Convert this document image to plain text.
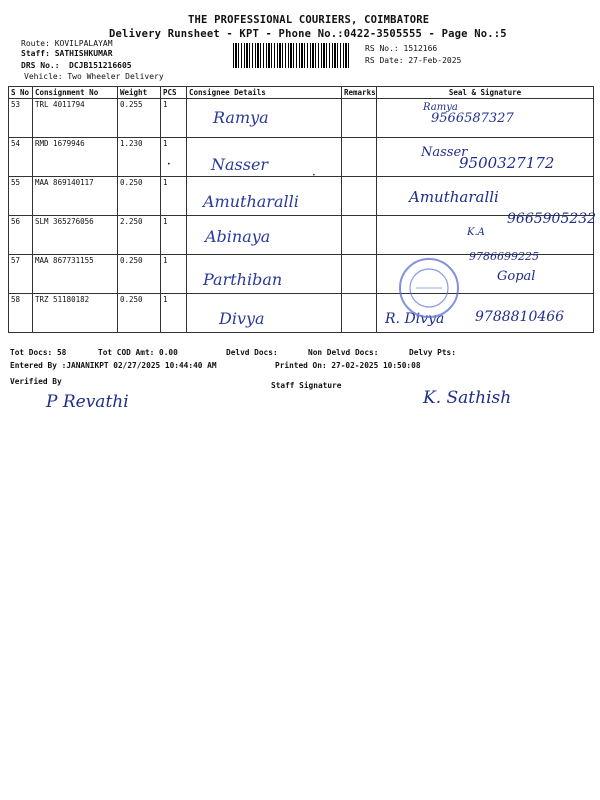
THE PROFESSIONAL COURIERS, COIMBATORE
Delivery Runsheet - KPT - Phone No.:0422-3505555 - Page No.:5
Route: KOVILPALAYAM
Staff: SATHISHKUMAR
DRS No.: DCJB151216605
Vehicle: Two Wheeler Delivery
RS No.: 1512166
RS Date: 27-Feb-2025
S No	Consignment No	Weight	PCS	Consignee Details	Remarks	Seal & Signature
53	TRL 4011794	0.255	1	Ramya		Ramya
9566587327

54	RMD 1679946	1.230	1	Nasser		Nasser
9500327172

55	MAA 869140117	0.250	1	Amutharalli		Amutharalli

56	SLM 365276056	2.250	1	Abinaya		9665905232
K.A

57	MAA 867731155	0.250	1	Parthiban		9786699225
Gopal

58	TRZ 51180182	0.250	1	Divya		R. Divya 9788810466
•
•
Tot Docs: 58	Tot COD Amt: 0.00	Delvd Docs:	Non Delvd Docs:	Delvy Pts:
Entered By :JANANIKPT 02/27/2025 10:44:40 AM	Printed On: 27-02-2025 10:50:08
Verified By	Staff Signature
P Revathi	K. Sathish
